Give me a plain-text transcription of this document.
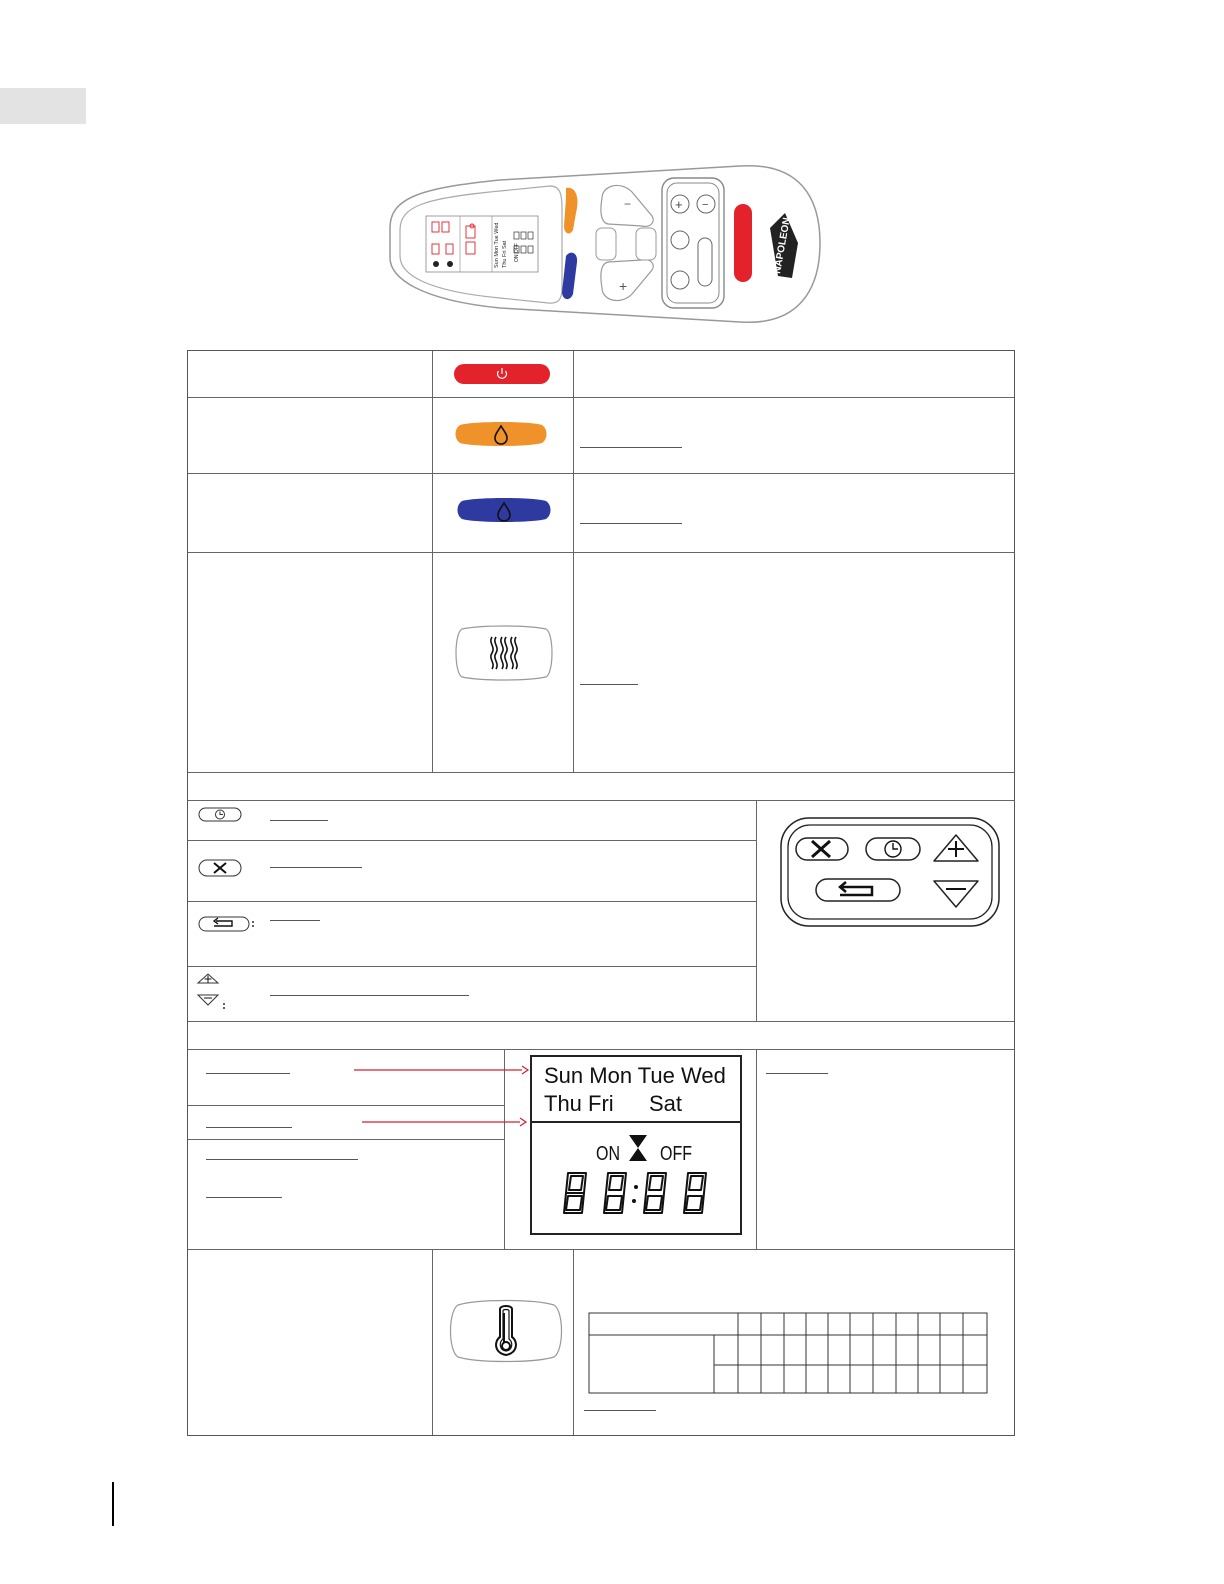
Sun Mon Tue Wed Thu Fri Sat ON OFF
−
+
+ −
NAPOLEON
Sun Mon Tue Wed
Thu Fri Sat
ON OFF
